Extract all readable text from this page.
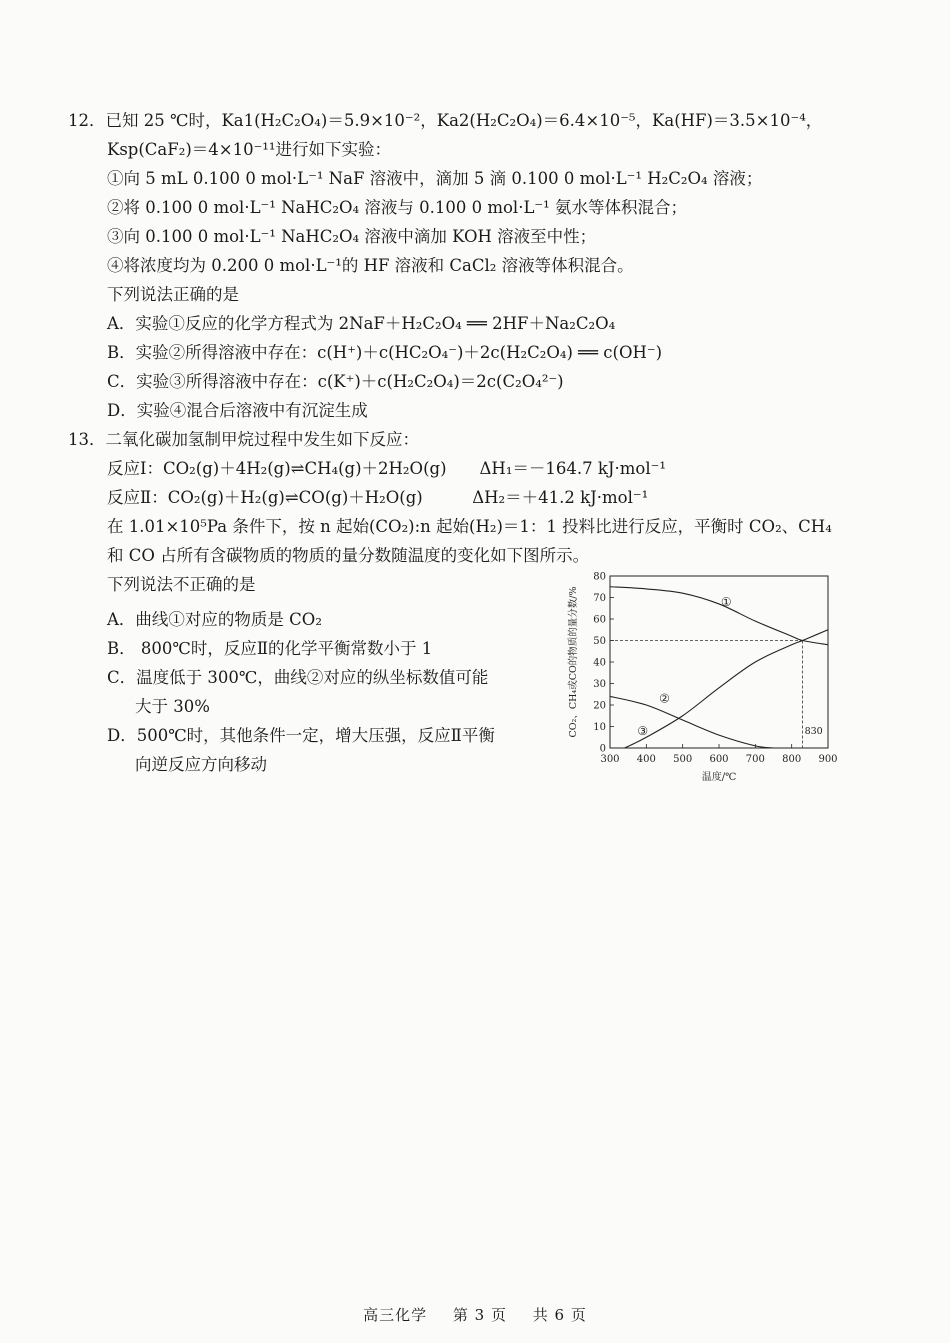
12．已知 25 ℃时，Ka1(H₂C₂O₄)＝5.9×10⁻²，Ka2(H₂C₂O₄)＝6.4×10⁻⁵，Ka(HF)＝3.5×10⁻⁴，
Ksp(CaF₂)＝4×10⁻¹¹进行如下实验：
①向 5 mL 0.100 0 mol·L⁻¹ NaF 溶液中，滴加 5 滴 0.100 0 mol·L⁻¹ H₂C₂O₄ 溶液；
②将 0.100 0 mol·L⁻¹ NaHC₂O₄ 溶液与 0.100 0 mol·L⁻¹ 氨水等体积混合；
③向 0.100 0 mol·L⁻¹ NaHC₂O₄ 溶液中滴加 KOH 溶液至中性；
④将浓度均为 0.200 0 mol·L⁻¹的 HF 溶液和 CaCl₂ 溶液等体积混合。
下列说法正确的是
A．实验①反应的化学方程式为 2NaF＋H₂C₂O₄ ══ 2HF＋Na₂C₂O₄
B．实验②所得溶液中存在：c(H⁺)＋c(HC₂O₄⁻)＋2c(H₂C₂O₄) ══ c(OH⁻)
C．实验③所得溶液中存在：c(K⁺)＋c(H₂C₂O₄)＝2c(C₂O₄²⁻)
D．实验④混合后溶液中有沉淀生成
13．二氧化碳加氢制甲烷过程中发生如下反应：
反应Ⅰ：CO₂(g)＋4H₂(g)⇌CH₄(g)＋2H₂O(g)　　ΔH₁＝－164.7 kJ·mol⁻¹
反应Ⅱ：CO₂(g)＋H₂(g)⇌CO(g)＋H₂O(g)　　　ΔH₂＝＋41.2 kJ·mol⁻¹
在 1.01×10⁵Pa 条件下，按 n 起始(CO₂):n 起始(H₂)＝1：1 投料比进行反应，平衡时 CO₂、CH₄
和 CO 占所有含碳物质的物质的量分数随温度的变化如下图所示。
下列说法不正确的是
A．曲线①对应的物质是 CO₂
B． 800℃时，反应Ⅱ的化学平衡常数小于 1
C．温度低于 300℃，曲线②对应的纵坐标数值可能
大于 30%
D．500℃时，其他条件一定，增大压强，反应Ⅱ平衡
向逆反应方向移动
0
10
20
30
40
50
60
70
80
300 400 500 600 700 800 900
温度/℃
CO₂、CH₄或CO的物质的量分数/%	830
①
②
③
高三化学 第 3 页 共 6 页
